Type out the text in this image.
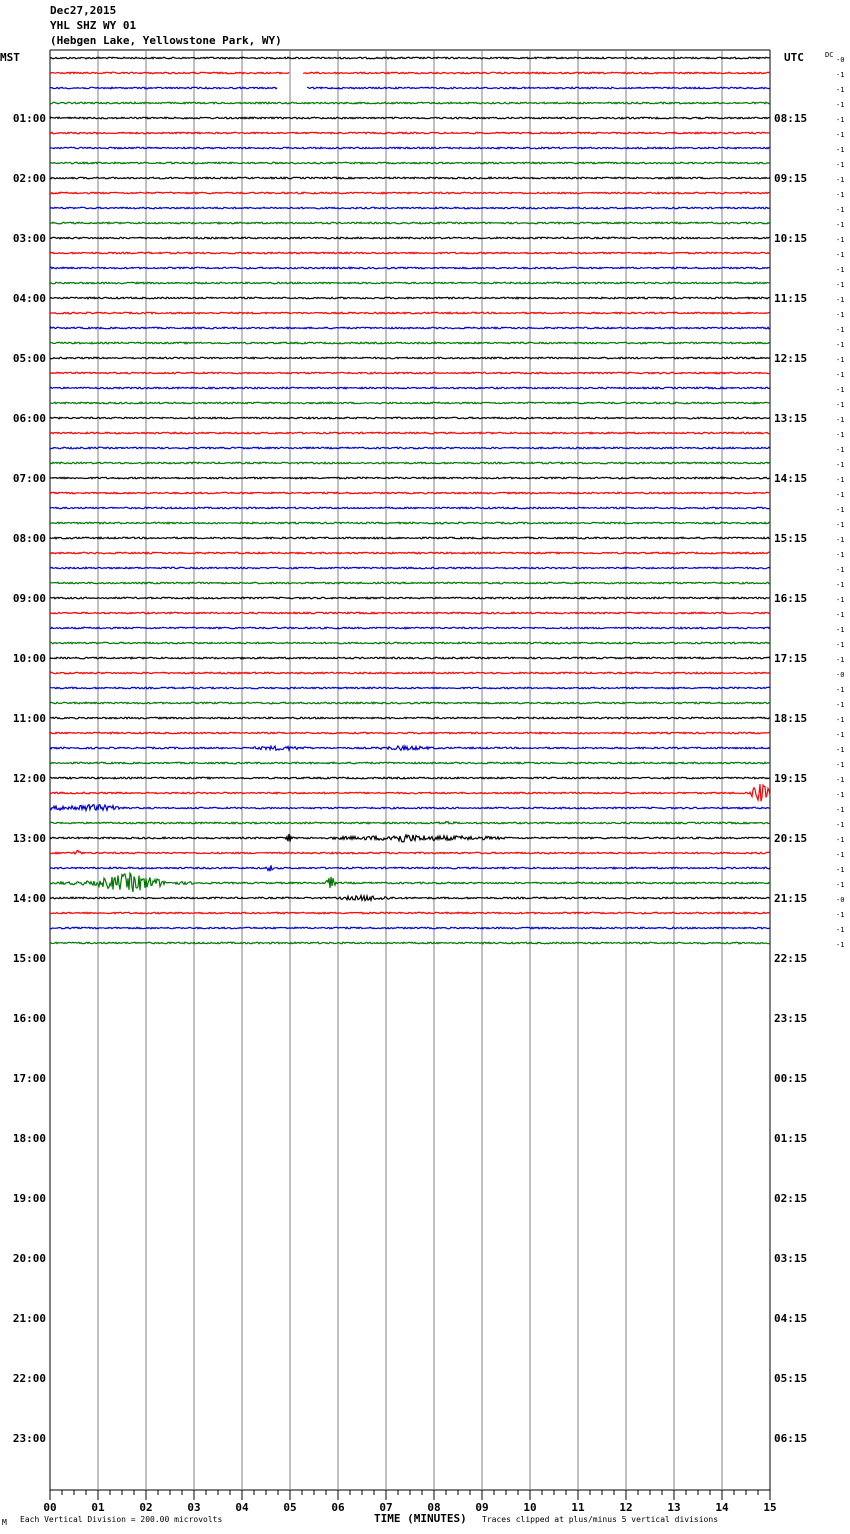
Dec27,2015
YHL SHZ WY 01
(Hebgen Lake, Yellowstone Park, WY)
MST	UTC	DC
00	01	02	03	04	05	06	07	08	09	10	11	12	13	14	15
01:00
02:00
03:00
04:00
05:00
06:00
07:00
08:00
09:00
10:00
11:00
12:00
13:00
14:00
15:00
16:00
17:00
18:00
19:00
20:00
21:00
22:00
23:00
08:15
09:15
10:15
11:15
12:15
13:15
14:15
15:15
16:15
17:15
18:15
19:15
20:15
21:15
22:15
23:15
00:15
01:15
02:15
03:15
04:15
05:15
06:15
-0
-1
-1
-1
-1
-1
-1
-1
-1
-1
-1
-1
-1
-1
-1
-1
-1
-1
-1
-1
-1
-1
-1
-1
-1
-1
-1
-1
-1
-1
-1
-1
-1
-1
-1
-1
-1
-1
-1
-1
-1
-0
-1
-1
-1
-1
-1
-1
-1
-1
-1
-1
-1
-1
-1
-1
-0
-1
-1
-1
M Each Vertical Division = 200.00 microvolts	TIME (MINUTES) Traces clipped at plus/minus 5 vertical divisions
